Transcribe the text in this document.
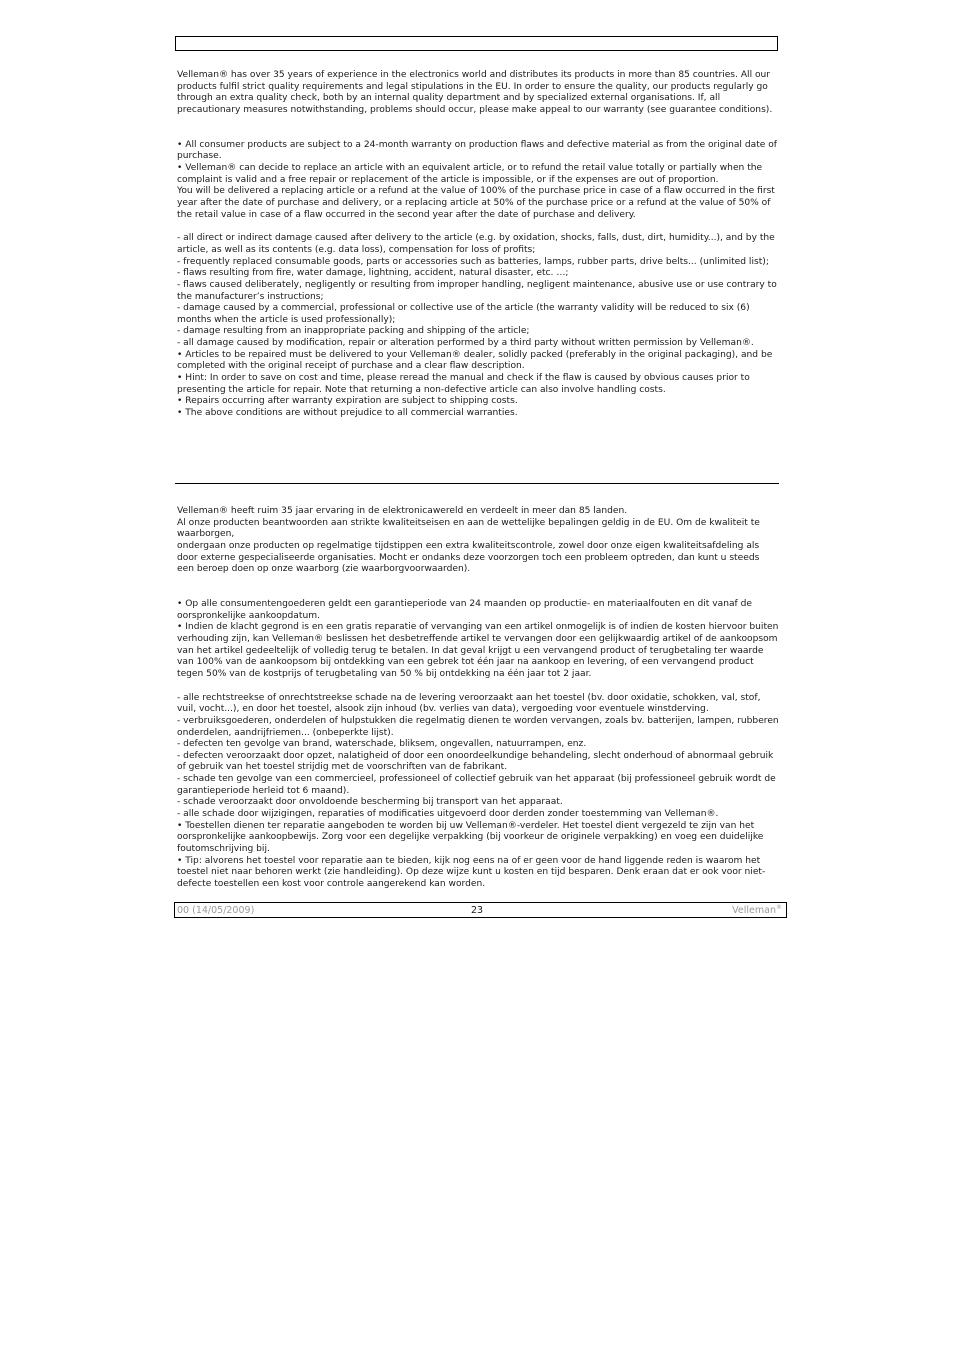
Velleman® has over 35 years of experience in the electronics world and distributes its products in more than 85 countries. All our products fulfil strict quality requirements and legal stipulations in the EU. In order to ensure the quality, our products regularly go through an extra quality check, both by an internal quality department and by specialized external organisations. If, all precautionary measures notwithstanding, problems should occur, please make appeal to our warranty (see guarantee conditions).

• All consumer products are subject to a 24-month warranty on production flaws and defective material as from the original date of purchase.

• Velleman® can decide to replace an article with an equivalent article, or to refund the retail value totally or partially when the complaint is valid and a free repair or replacement of the article is impossible, or if the expenses are out of proportion.

You will be delivered a replacing article or a refund at the value of 100% of the purchase price in case of a flaw occurred in the first year after the date of purchase and delivery, or a replacing article at 50% of the purchase price or a refund at the value of 50% of the retail value in case of a flaw occurred in the second year after the date of purchase and delivery.

- all direct or indirect damage caused after delivery to the article (e.g. by oxidation, shocks, falls, dust, dirt, humidity...), and by the article, as well as its contents (e.g. data loss), compensation for loss of profits;

- frequently replaced consumable goods, parts or accessories such as batteries, lamps, rubber parts, drive belts... (unlimited list);

- flaws resulting from fire, water damage, lightning, accident, natural disaster, etc. …;

- flaws caused deliberately, negligently or resulting from improper handling, negligent maintenance, abusive use or use contrary to the manufacturer’s instructions;

- damage caused by a commercial, professional or collective use of the article (the warranty validity will be reduced to six (6) months when the article is used professionally);

- damage resulting from an inappropriate packing and shipping of the article;

- all damage caused by modification, repair or alteration performed by a third party without written permission by Velleman®.

• Articles to be repaired must be delivered to your Velleman® dealer, solidly packed (preferably in the original packaging), and be completed with the original receipt of purchase and a clear flaw description.

• Hint: In order to save on cost and time, please reread the manual and check if the flaw is caused by obvious causes prior to presenting the article for repair. Note that returning a non-defective article can also involve handling costs.

• Repairs occurring after warranty expiration are subject to shipping costs.

• The above conditions are without prejudice to all commercial warranties.

Velleman® heeft ruim 35 jaar ervaring in de elektronicawereld en verdeelt in meer dan 85 landen.

Al onze producten beantwoorden aan strikte kwaliteitseisen en aan de wettelijke bepalingen geldig in de EU. Om de kwaliteit te waarborgen,

ondergaan onze producten op regelmatige tijdstippen een extra kwaliteitscontrole, zowel door onze eigen kwaliteitsafdeling als door externe gespecialiseerde organisaties. Mocht er ondanks deze voorzorgen toch een probleem optreden, dan kunt u steeds een beroep doen op onze waarborg (zie waarborgvoorwaarden).

• Op alle consumentengoederen geldt een garantieperiode van 24 maanden op productie- en materiaalfouten en dit vanaf de oorspronkelijke aankoopdatum.

• Indien de klacht gegrond is en een gratis reparatie of vervanging van een artikel onmogelijk is of indien de kosten hiervoor buiten verhouding zijn, kan Velleman® beslissen het desbetreffende artikel te vervangen door een gelijkwaardig artikel of de aankoopsom van het artikel gedeeltelijk of volledig terug te betalen. In dat geval krijgt u een vervangend product of terugbetaling ter waarde van 100% van de aankoopsom bij ontdekking van een gebrek tot één jaar na aankoop en levering, of een vervangend product tegen 50% van de kostprijs of terugbetaling van 50 % bij ontdekking na één jaar tot 2 jaar.

- alle rechtstreekse of onrechtstreekse schade na de levering veroorzaakt aan het toestel (bv. door oxidatie, schokken, val, stof, vuil, vocht...), en door het toestel, alsook zijn inhoud (bv. verlies van data), vergoeding voor eventuele winstderving.

- verbruiksgoederen, onderdelen of hulpstukken die regelmatig dienen te worden vervangen, zoals bv. batterijen, lampen, rubberen onderdelen, aandrijfriemen... (onbeperkte lijst).

- defecten ten gevolge van brand, waterschade, bliksem, ongevallen, natuurrampen, enz.

- defecten veroorzaakt door opzet, nalatigheid of door een onoordeelkundige behandeling, slecht onderhoud of abnormaal gebruik of gebruik van het toestel strijdig met de voorschriften van de fabrikant.

- schade ten gevolge van een commercieel, professioneel of collectief gebruik van het apparaat (bij professioneel gebruik wordt de garantieperiode herleid tot 6 maand).

- schade veroorzaakt door onvoldoende bescherming bij transport van het apparaat.

- alle schade door wijzigingen, reparaties of modificaties uitgevoerd door derden zonder toestemming van Velleman®.

• Toestellen dienen ter reparatie aangeboden te worden bij uw Velleman®-verdeler. Het toestel dient vergezeld te zijn van het oorspronkelijke aankoopbewijs. Zorg voor een degelijke verpakking (bij voorkeur de originele verpakking) en voeg een duidelijke foutomschrijving bij.

• Tip: alvorens het toestel voor reparatie aan te bieden, kijk nog eens na of er geen voor de hand liggende reden is waarom het toestel niet naar behoren werkt (zie handleiding). Op deze wijze kunt u kosten en tijd besparen. Denk eraan dat er ook voor niet-defecte toestellen een kost voor controle aangerekend kan worden.

00 (14/05/2009)	23	Velleman®
